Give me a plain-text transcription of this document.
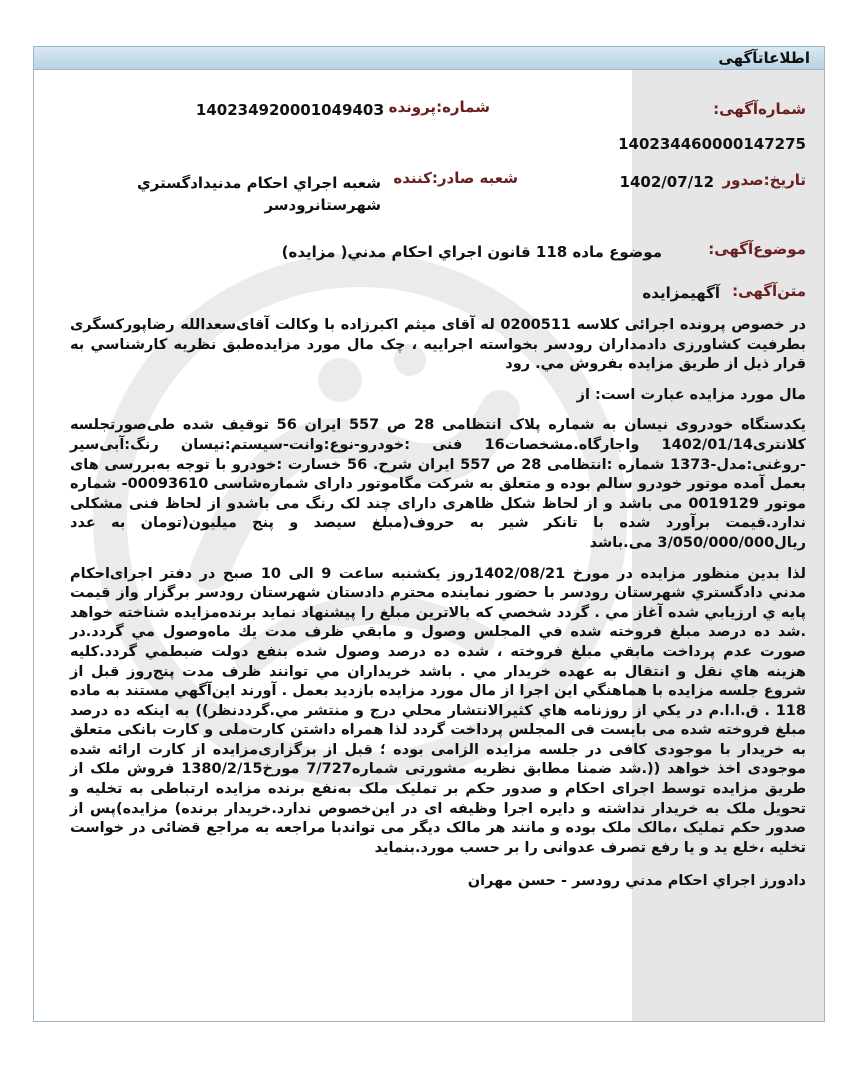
اطلاعاتآگهی
شماره‌آگهی:
140234460000147275
شماره:پرونده
14023492000104940З
تاریخ:صدور
1402/07/12
شعبه صادر:کننده
شعبه اجراي احكام مدنيدادگستري
شهرستانرودسر
موضوع‌آگهی:
موضوع ماده 118 قانون اجراي احكام مدني( مزايده)
متن‌آگهی:
آگهيمزايده

در خصوص پرونده اجرائی کلاسه 0200511 له آقای میثم اکبرزاده با وکالت آقای‌سعدالله رضاپورکسگری بطرفیت کشاورزی دادمداران رودسر بخواسته اجراییه ، چک مال مورد مزایده‌طبق نظریه کارشناسي به قرار ذيل از طريق مزايده بفروش مي. رود

مال مورد مزایده عبارت است: از

یکدستگاه خودروی نیسان به شماره پلاک انتظامی 28 ص 557 ایران 56 توقیف شده طی‌صورتجلسه کلانتری1402/01/14 واجارگاه.مشخصات16 فنی :خودرو-نوع:وانت-سیستم:نیسان رنگ:آبی‌سیر -روغنی:مدل-1373 شماره :انتظامی 28 ص 557 ایران شرح. 56 خسارت :خودرو با توجه به‌بررسی های بعمل آمده موتور خودرو سالم بوده و متعلق به شرکت مگاموتور دارای شماره‌شاسی 00093610- شماره موتور 0019129 می باشد و از لحاظ شکل ظاهری دارای چند لک رنگ می باشدو از لحاظ فنی مشکلی ندارد.قیمت برآورد شده با تانکر شیر به حروف(مبلغ سیصد و پنج میلیون(تومان به عدد ریال3/050/000/000 می.باشد

لذا بدین منظور مزایده در مورخ 1402/08/21روز یکشنبه ساعت 9 الی 10 صبح در دفتر اجرای‌احکام مدني دادگستري شهرستان رودسر با حضور نماينده محترم دادستان شهرستان رودسر برگزار واز قيمت پايه ي ارزيابي شده آغاز مي . گردد شخصي كه بالاترين مبلغ را پيشنهاد نمايد برنده‌مزايده شناخته خواهد .شد ده درصد مبلغ فروخته شده في المجلس وصول و مابقي ظرف مدت يك ماه‌وصول مي گردد.در صورت عدم پرداخت مابقي مبلغ فروخته ، شده ده درصد وصول شده بنفع دولت ضبطمي گردد.كليه هزينه هاي نقل و انتقال به عهده خريدار مي . باشد خريداران مي توانند ظرف مدت پنج‌روز قبل از شروع جلسه مزايده با هماهنگي اين اجرا از مال مورد مزايده بازديد بعمل . آورند اين‌آگهي مستند به ماده 118 . ق.ا.ا.م در يكي از روزنامه هاي كثيرالانتشار محلي درج و منتشر مي.گرددنظر)) به اینکه ده درصد مبلغ فروخته شده می بایست فی المجلس پرداخت گردد لذا همراه داشتن کارت‌ملی و کارت بانکی متعلق به خریدار با موجودی کافی در جلسه مزایده الزامی بوده ؛ قبل از برگزاری‌مزایده از کارت ارائه شده موجودی اخذ خواهد ((.شد ضمنا مطابق نظریه مشورتی شماره7/727 مورخ1380/2/15 فروش ملک از طریق مزایده توسط اجرای احکام و صدور حکم بر تملیک ملک به‌نفع برنده مزایده ارتباطی به تخلیه و تحویل ملک به خریدار نداشته و دایره اجرا وظیفه ای در این‌خصوص ندارد.خریدار برنده) مزایده)پس از صدور حکم تملیک ،مالک ملک بوده و مانند هر مالک دیگر می تواندبا مراجعه به مراجع قضائی در خواست تخلیه ،خلع ید و یا رفع تصرف عدوانی را بر حسب مورد.بنماید

دادورز اجراي احكام مدني رودسر - حسن مهران
